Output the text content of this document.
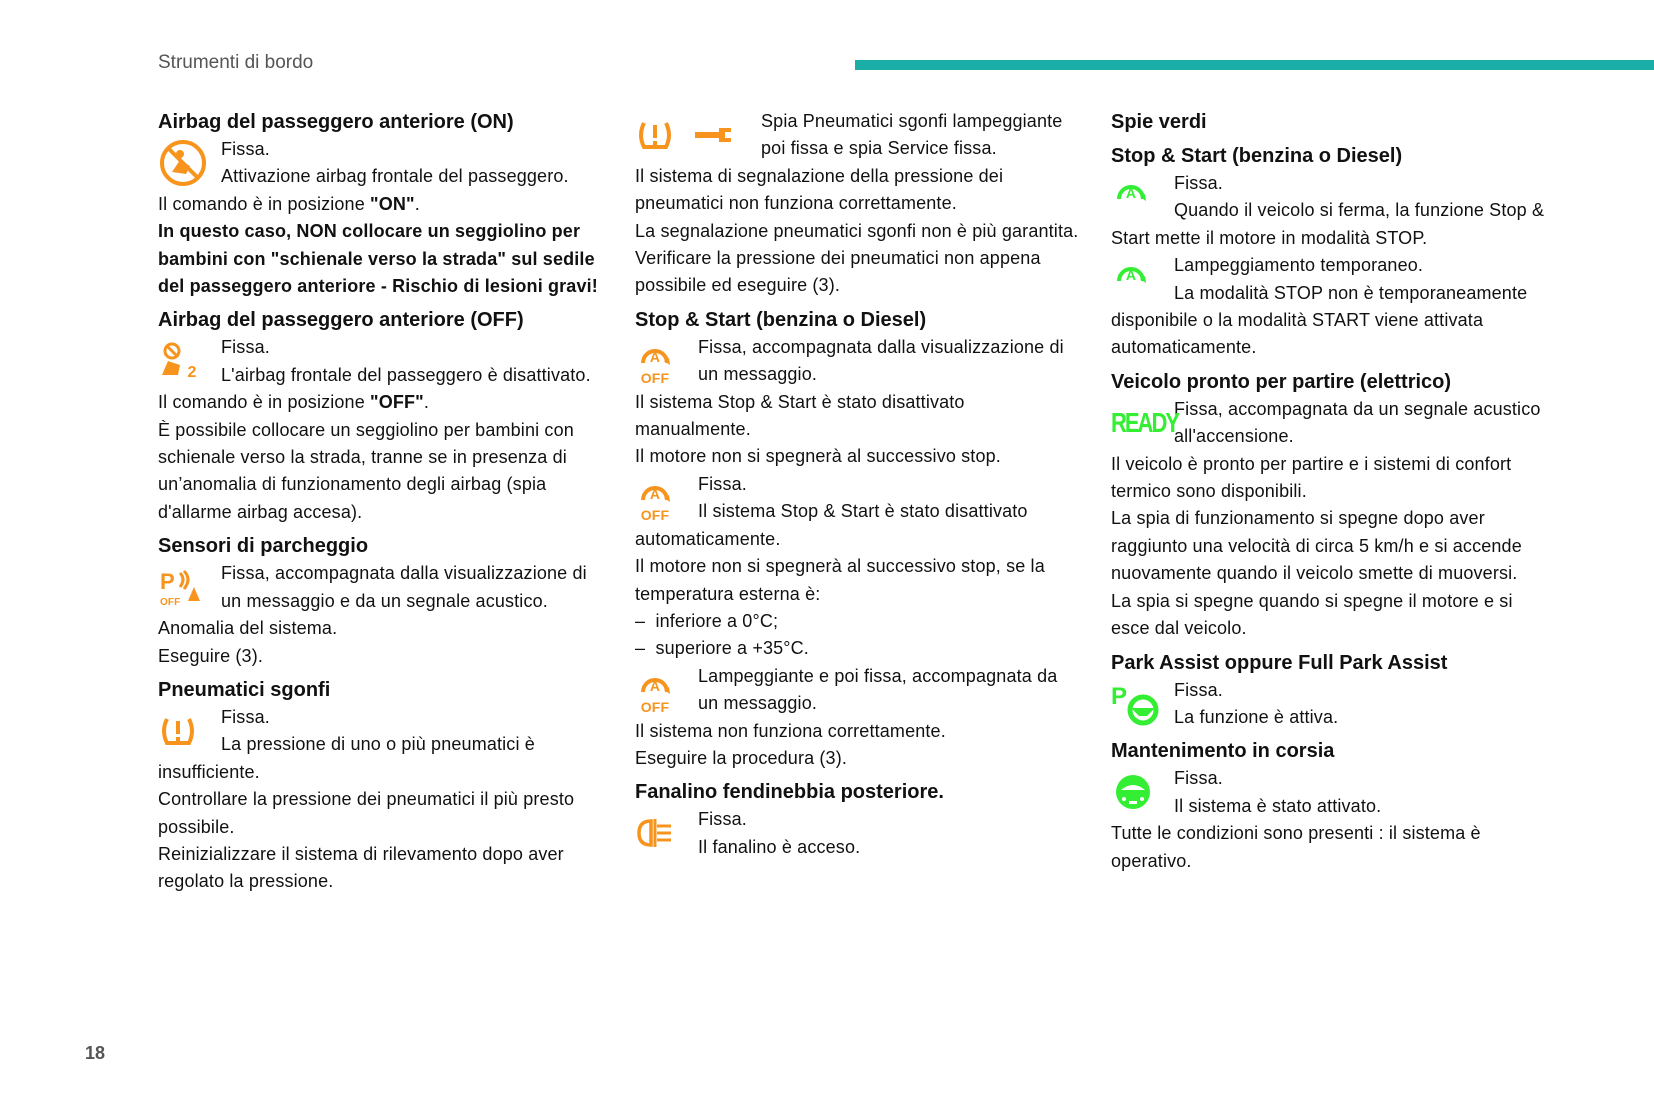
Strumenti di bordo
Airbag del passeggero anteriore (ON)

Fissa.

Attivazione airbag frontale del passeggero.

Il comando è in posizione "ON".

In questo caso, NON collocare un seggiolino per bambini con "schienale verso la strada" sul sedile del passeggero anteriore - Rischio di lesioni gravi!

Airbag del passeggero anteriore (OFF)
2

Fissa.

L'airbag frontale del passeggero è disattivato.

Il comando è in posizione "OFF".

È possibile collocare un seggiolino per bambini con schienale verso la strada, tranne se in presenza di un’anomalia di funzionamento degli airbag (spia d'allarme airbag accesa).

Sensori di parcheggio
P
OFF

Fissa, accompagnata dalla visualizzazione di un messaggio e da un segnale acustico.

Anomalia del sistema.

Eseguire (3).

Pneumatici sgonfi

Fissa.

La pressione di uno o più pneumatici è insufficiente.

Controllare la pressione dei pneumatici il più presto possibile.

Reinizializzare il sistema di rilevamento dopo aver regolato la pressione.

Spia Pneumatici sgonfi lampeggiante poi fissa e spia Service fissa.

Il sistema di segnalazione della pressione dei pneumatici non funziona correttamente.

La segnalazione pneumatici sgonfi non è più garantita.

Verificare la pressione dei pneumatici non appena possibile ed eseguire (3).

Stop & Start (benzina o Diesel)
A
OFF

Fissa, accompagnata dalla visualizzazione di un messaggio.

Il sistema Stop & Start è stato disattivato manualmente.

Il motore non si spegnerà al successivo stop.

A
OFF

Fissa.

Il sistema Stop & Start è stato disattivato automaticamente.

Il motore non si spegnerà al successivo stop, se la temperatura esterna è:

– inferiore a 0°C;

– superiore a +35°C.

A
OFF

Lampeggiante e poi fissa, accompagnata da un messaggio.

Il sistema non funziona correttamente.

Eseguire la procedura (3).

Fanalino fendinebbia posteriore.

Fissa.

Il fanalino è acceso.

Spie verdi
Stop & Start (benzina o Diesel)
A	Fissa.

Quando il veicolo si ferma, la funzione Stop & Start mette il motore in modalità STOP.

A	Lampeggiamento temporaneo.

La modalità STOP non è temporaneamente disponibile o la modalità START viene attivata automaticamente.

Veicolo pronto per partire (elettrico)
READY

Fissa, accompagnata da un segnale acustico all'accensione.

Il veicolo è pronto per partire e i sistemi di confort termico sono disponibili.

La spia di funzionamento si spegne dopo aver raggiunto una velocità di circa 5 km/h e si accende nuovamente quando il veicolo smette di muoversi.

La spia si spegne quando si spegne il motore e si esce dal veicolo.

Park Assist oppure Full Park Assist
P	Fissa.

La funzione è attiva.

Mantenimento in corsia

Fissa.

Il sistema è stato attivato.

Tutte le condizioni sono presenti : il sistema è operativo.

18
